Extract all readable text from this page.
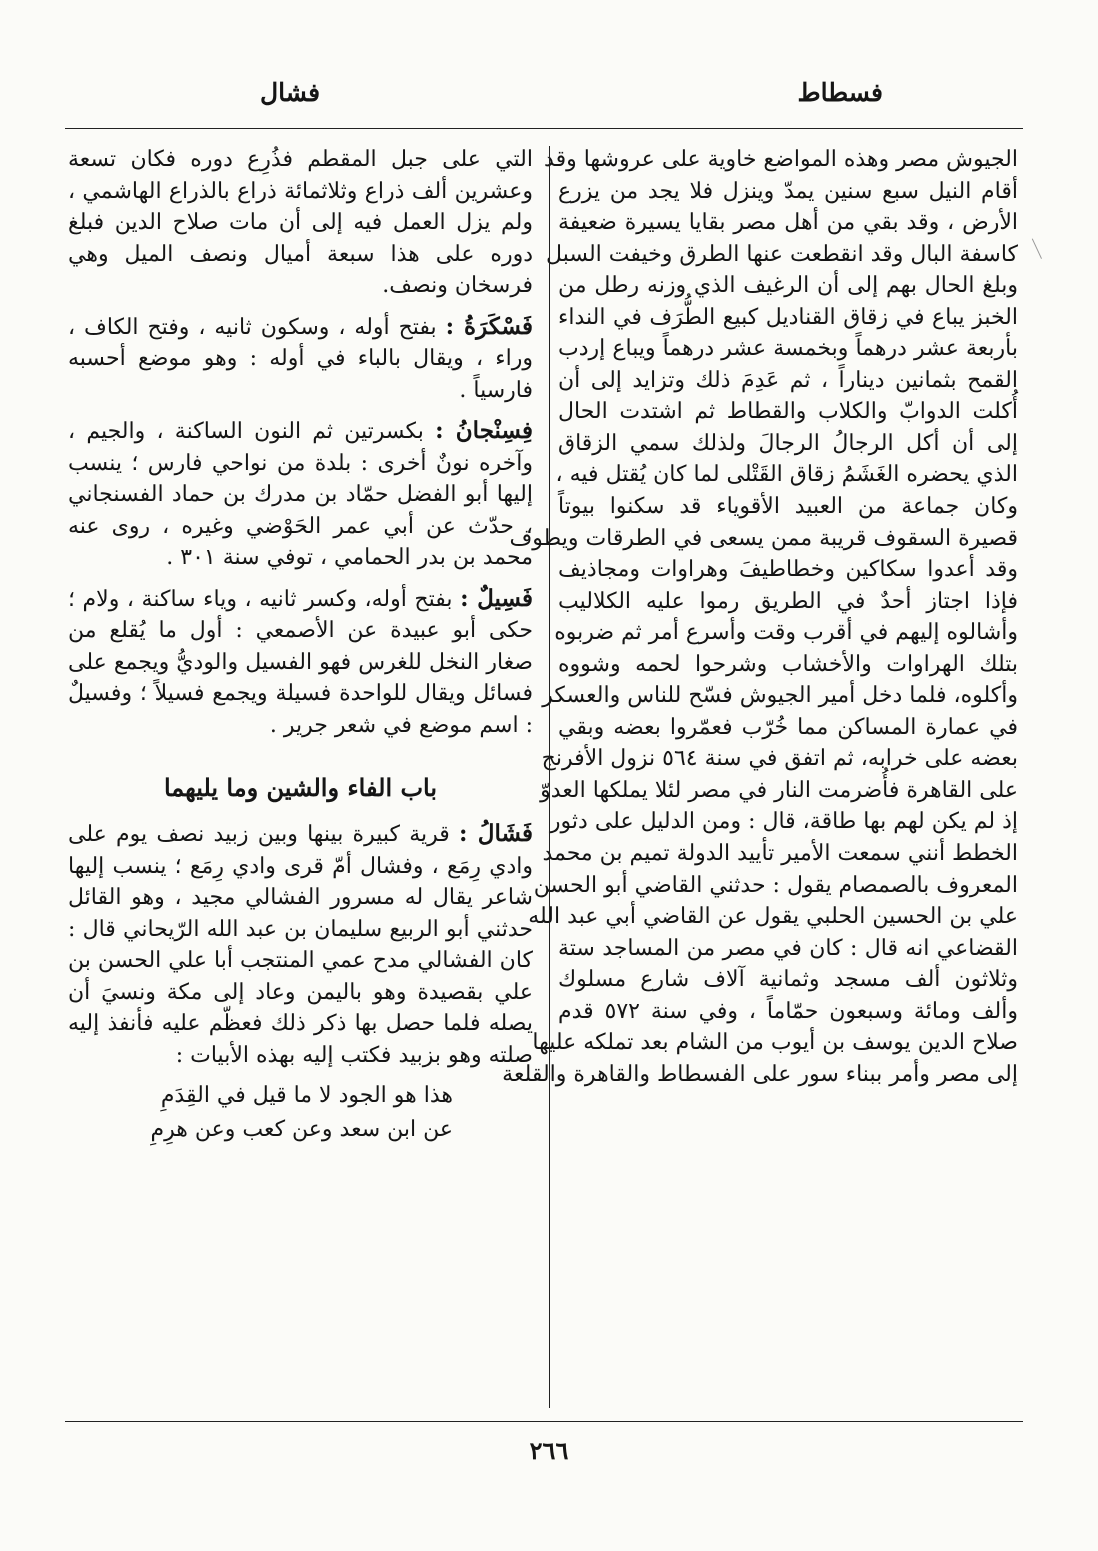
فسطاط
فشال
الجيوش مصر وهذه المواضع خاوية على عروشها وقد
أقام النيل سبع سنين يمدّ وينزل فلا يجد من يزرع
الأرض ، وقد بقي من أهل مصر بقايا يسيرة ضعيفة
كاسفة البال وقد انقطعت عنها الطرق وخيفت السبل
وبلغ الحال بهم إلى أن الرغيف الذي وزنه رطل من
الخبز يباع في زقاق القناديل كبيع الطُّرَف في النداء
بأربعة عشر درهماً وبخمسة عشر درهماً ويباع إردب
القمح بثمانين ديناراً ، ثم عَدِمَ ذلك وتزايد إلى أن
أُكلت الدوابّ والكلاب والقطاط ثم اشتدت الحال
إلى أن أكل الرجالُ الرجالَ ولذلك سمي الزقاق
الذي يحضره الغَشَمُ زقاق القَتْلى لما كان يُقتل فيه ،
وكان جماعة من العبيد الأقوياء قد سكنوا بيوتاً
قصيرة السقوف قريبة ممن يسعى في الطرقات ويطوف
وقد أعدوا سكاكين وخطاطيفَ وهراوات ومجاذيف
فإذا اجتاز أحدٌ في الطريق رموا عليه الكلاليب
وأشالوه إليهم في أقرب وقت وأسرع أمر ثم ضربوه
بتلك الهراوات والأخشاب وشرحوا لحمه وشووه
وأكلوه، فلما دخل أمير الجيوش فسّح للناس والعسكر
في عمارة المساكن مما خُرّب فعمّروا بعضه وبقي
بعضه على خرابه، ثم اتفق في سنة ٥٦٤ نزول الأفرنج
على القاهرة فأُضرمت النار في مصر لئلا يملكها العدوّ
إذ لم يكن لهم بها طاقة، قال : ومن الدليل على دثور
الخطط أنني سمعت الأمير تأييد الدولة تميم بن محمد
المعروف بالصمصام يقول : حدثني القاضي أبو الحسن
علي بن الحسين الحلبي يقول عن القاضي أبي عبد الله
القضاعي انه قال : كان في مصر من المساجد ستة
وثلاثون ألف مسجد وثمانية آلاف شارع مسلوك
وألف ومائة وسبعون حمّاماً ، وفي سنة ٥٧٢ قدم
صلاح الدين يوسف بن أيوب من الشام بعد تملكه عليها
إلى مصر وأمر ببناء سور على الفسطاط والقاهرة والقلعة

التي على جبل المقطم فذُرِع دوره فكان تسعة وعشرين ألف ذراع وثلاثمائة ذراع بالذراع الهاشمي ، ولم يزل العمل فيه إلى أن مات صلاح الدين فبلغ دوره على هذا سبعة أميال ونصف الميل وهي فرسخان ونصف.

فَسْكَرَةُ : بفتح أوله ، وسكون ثانيه ، وفتح الكاف ، وراء ، ويقال بالباء في أوله : وهو موضع أحسبه فارسياً .

فِسِنْجانُ : بكسرتين ثم النون الساكنة ، والجيم ، وآخره نونٌ أخرى : بلدة من نواحي فارس ؛ ينسب إليها أبو الفضل حمّاد بن مدرك بن حماد الفسنجاني ، حدّث عن أبي عمر الحَوْضي وغيره ، روى عنه محمد بن بدر الحمامي ، توفي سنة ٣٠١ .

فَسِيلٌ : بفتح أوله، وكسر ثانيه ، وياء ساكنة ، ولام ؛ حكى أبو عبيدة عن الأصمعي : أول ما يُقلع من صغار النخل للغرس فهو الفسيل والوديُّ ويجمع على فسائل ويقال للواحدة فسيلة ويجمع فسيلاً ؛ وفسيلٌ : اسم موضع في شعر جرير .

باب الفاء والشين وما يليهما

فَشَالُ : قرية كبيرة بينها وبين زبيد نصف يوم على وادي رِمَع ، وفشال أمّ قرى وادي رِمَع ؛ ينسب إليها شاعر يقال له مسرور الفشالي مجيد ، وهو القائل حدثني أبو الربيع سليمان بن عبد الله الرّيحاني قال : كان الفشالي مدح عمي المنتجب أبا علي الحسن بن علي بقصيدة وهو باليمن وعاد إلى مكة ونسيَ أن يصله فلما حصل بها ذكر ذلك فعظّم عليه فأنفذ إليه صلته وهو بزبيد فكتب إليه بهذه الأبيات :

هذا هو الجود لا ما قيل في القِدَمِ
عن ابن سعد وعن كعب وعن هرِمِ
٢٦٦
